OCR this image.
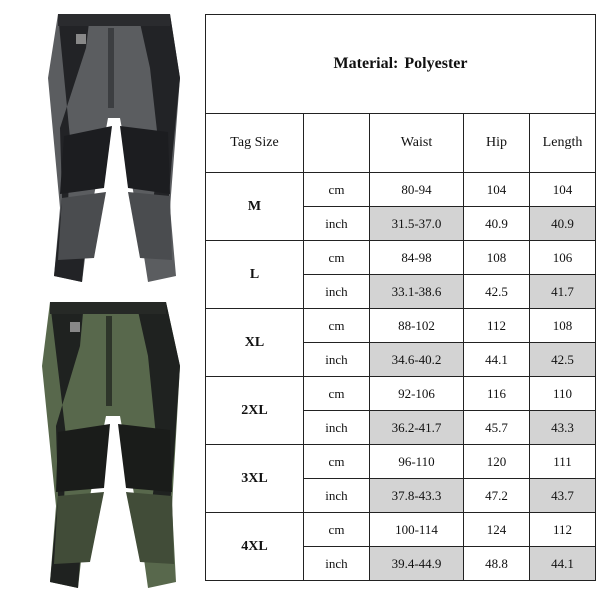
Material: Polyester				
Tag Size		Waist	Hip	Length
M	cm	80-94	104	104
	inch	31.5-37.0	40.9	40.9
L	cm	84-98	108	106
	inch	33.1-38.6	42.5	41.7
XL	cm	88-102	112	108
	inch	34.6-40.2	44.1	42.5
2XL	cm	92-106	116	110
	inch	36.2-41.7	45.7	43.3
3XL	cm	96-110	120	111
	inch	37.8-43.3	47.2	43.7
4XL	cm	100-114	124	112
	inch	39.4-44.9	48.8	44.1
